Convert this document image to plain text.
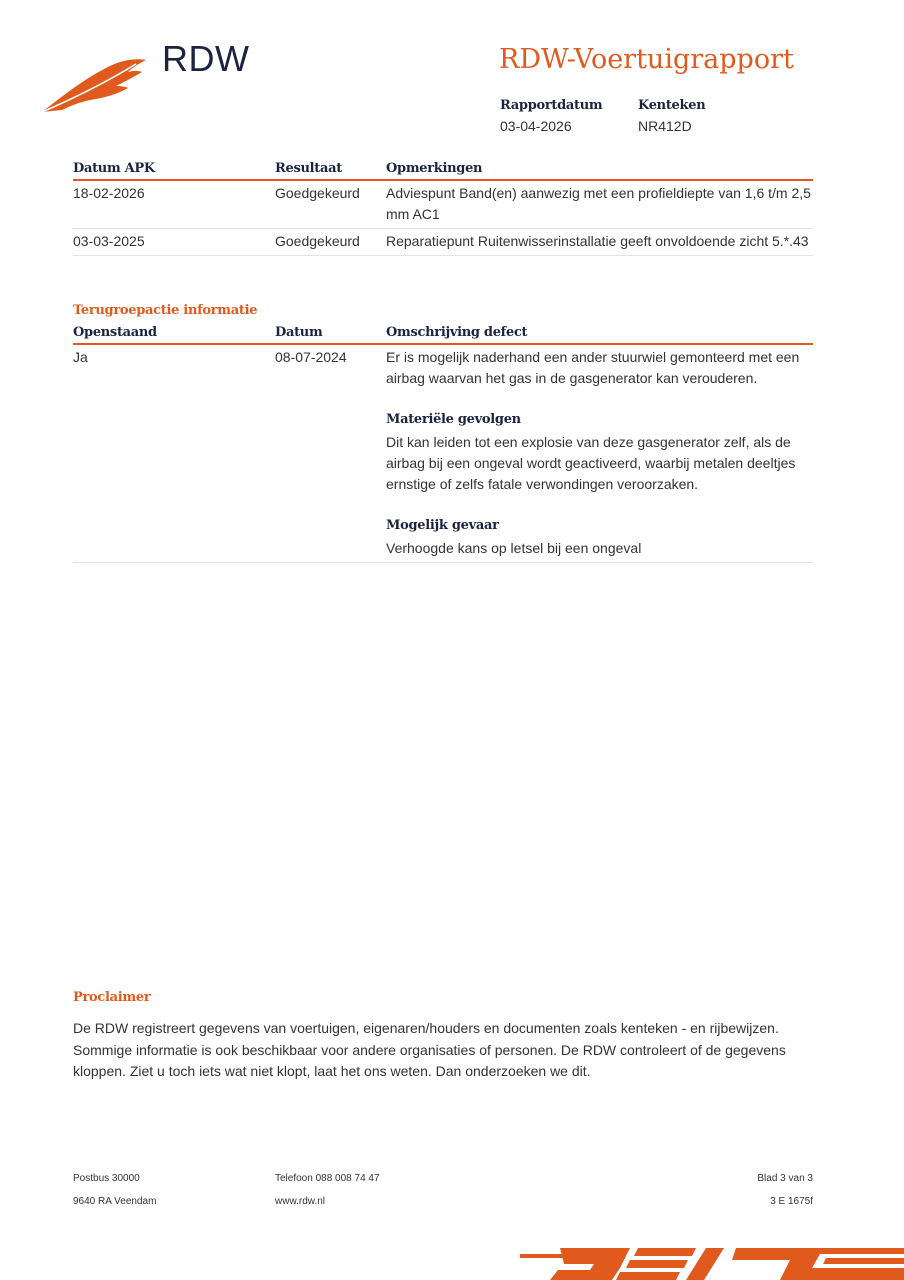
RDW	RDW-Voertuigrapport
Rapportdatum
03-04-2026
Kenteken
NR412D
Datum APK	Resultaat	Opmerkingen
18-02-2026	Goedgekeurd Adviespunt Band(en) aanwezig met een profieldiepte van 1,6 t/m 2,5 mm AC1
03-03-2025	Goedgekeurd Reparatiepunt Ruitenwisserinstallatie geeft onvoldoende zicht 5.*.43
Terugroepactie informatie
Openstaand	Datum	Omschrijving defect
Ja	08-07-2024	Er is mogelijk naderhand een ander stuurwiel gemonteerd met een airbag waarvan het gas in de gasgenerator kan verouderen.
Materiële gevolgen
Dit kan leiden tot een explosie van deze gasgenerator zelf, als de airbag bij een ongeval wordt geactiveerd, waarbij metalen deeltjes ernstige of zelfs fatale verwondingen veroorzaken.
Mogelijk gevaar
Verhoogde kans op letsel bij een ongeval
Proclaimer
De RDW registreert gegevens van voertuigen, eigenaren/houders en documenten zoals kenteken - en rijbewijzen. Sommige informatie is ook beschikbaar voor andere organisaties of personen. De RDW controleert of de gegevens kloppen. Ziet u toch iets wat niet klopt, laat het ons weten. Dan onderzoeken we dit.
Postbus 30000
9640 RA Veendam
Telefoon 088 008 74 47
www.rdw.nl
Blad 3 van 3
3 E 1675f
